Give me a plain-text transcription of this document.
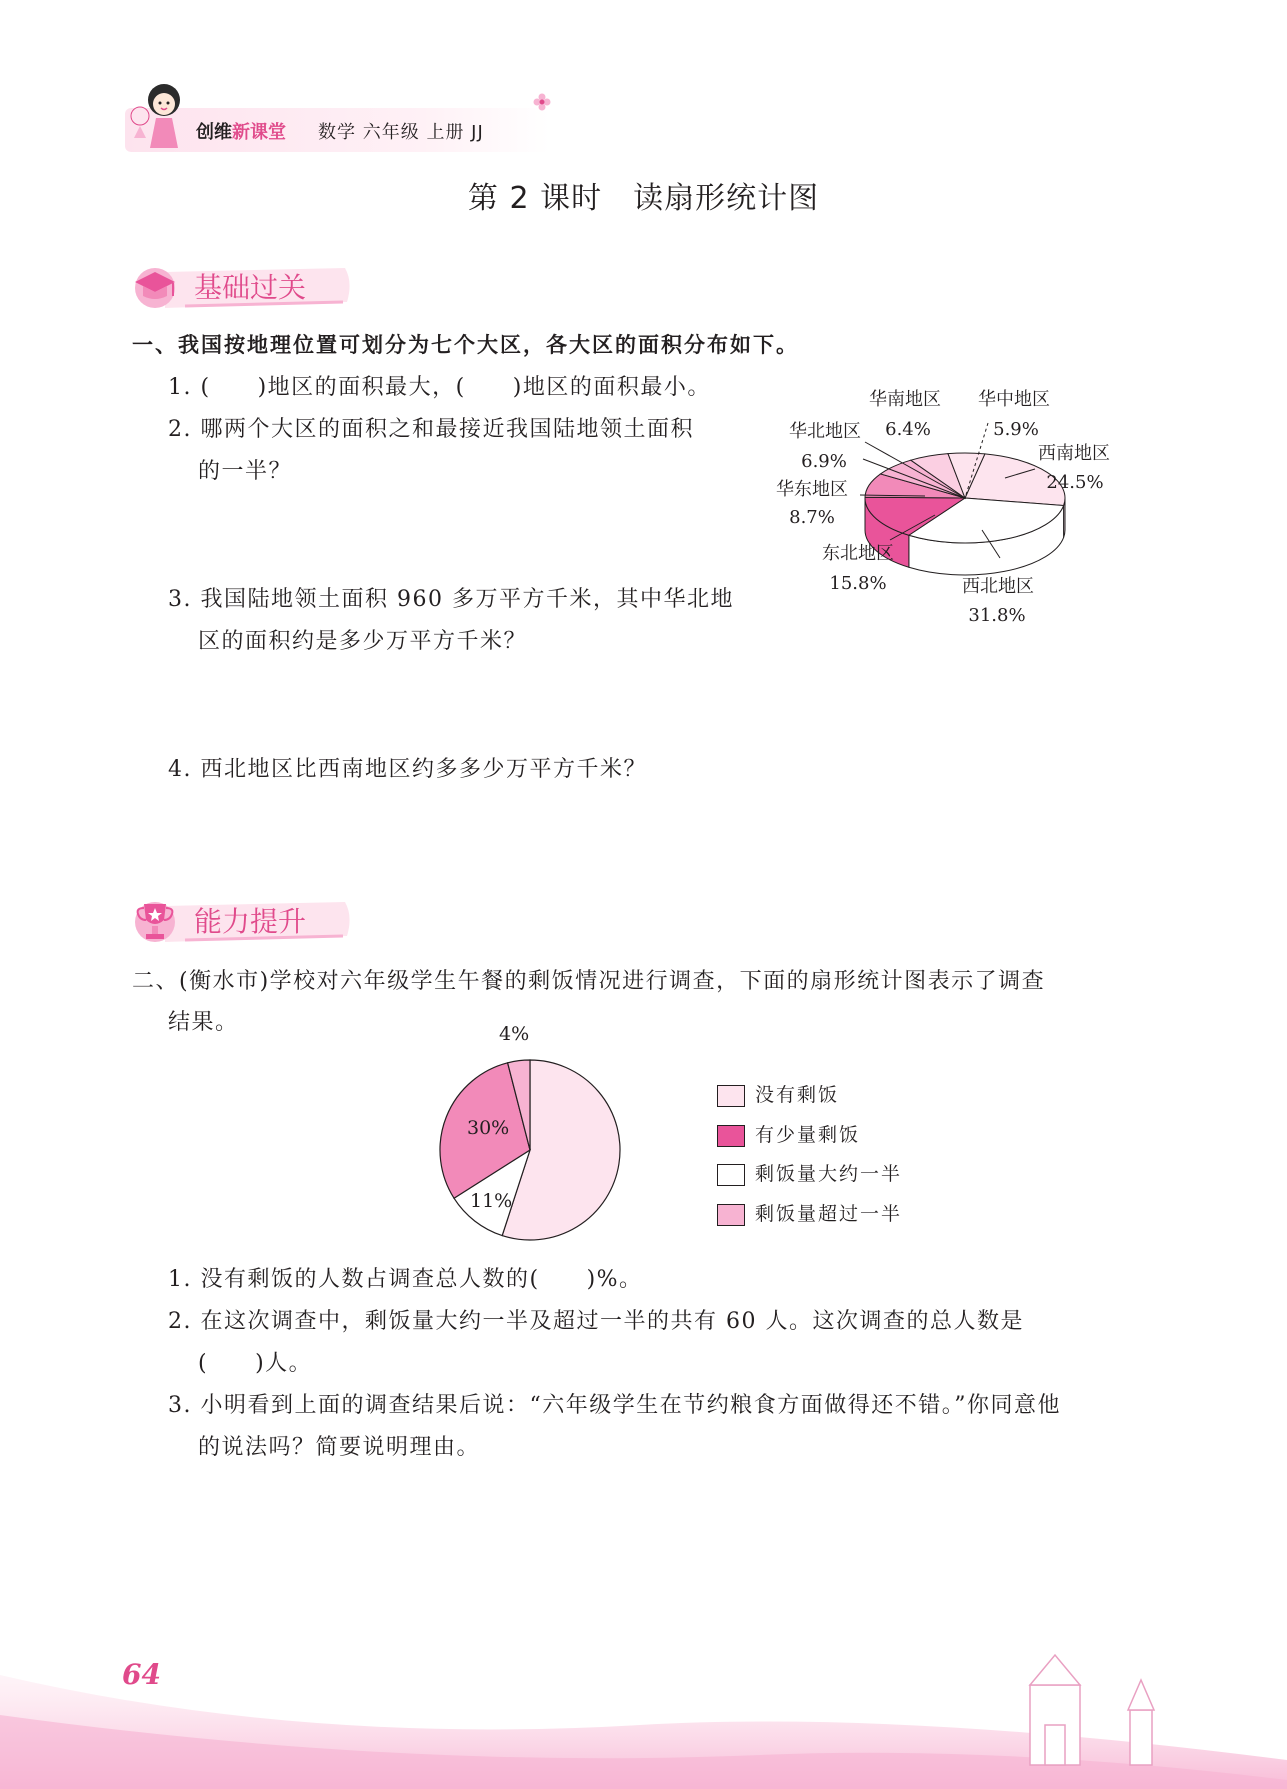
创维新课堂 数学 六年级 上册 JJ
第 2 课时　读扇形统计图
基础过关
一、我国按地理位置可划分为七个大区，各大区的面积分布如下。
1. (　　)地区的面积最大，(　　)地区的面积最小。
2. 哪两个大区的面积之和最接近我国陆地领土面积
的一半？
3. 我国陆地领土面积 960 多万平方千米，其中华北地
区的面积约是多少万平方千米？
4. 西北地区比西南地区约多多少万平方千米？
华南地区
6.4%
华中地区
5.9%
华北地区
6.9%	西南地区
24.5%
华东地区
8.7%
东北地区
15.8%	西北地区
31.8%
能力提升
二、(衡水市)学校对六年级学生午餐的剩饭情况进行调查，下面的扇形统计图表示了调查
结果。	4%
30%
11%
没有剩饭
有少量剩饭
剩饭量大约一半
剩饭量超过一半
1. 没有剩饭的人数占调查总人数的(　　)%。
2. 在这次调查中，剩饭量大约一半及超过一半的共有 60 人。这次调查的总人数是
(　　)人。
3. 小明看到上面的调查结果后说：“六年级学生在节约粮食方面做得还不错。”你同意他
的说法吗？简要说明理由。
64
